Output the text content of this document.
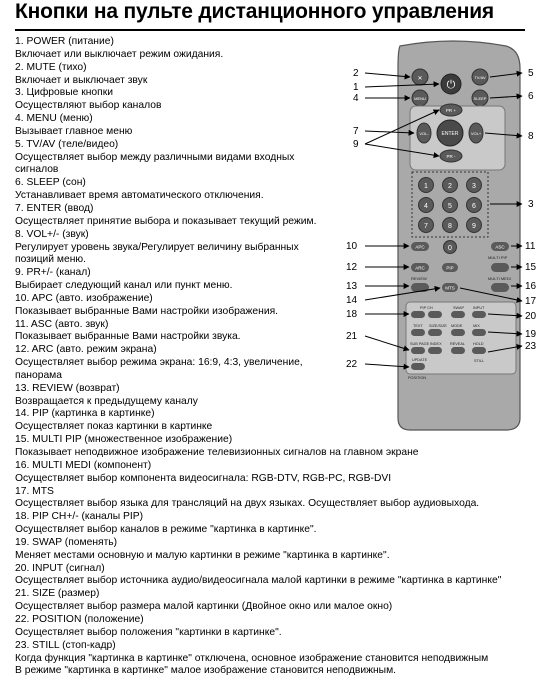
Кнопки на пульте дистанционного управления
1. POWER (питание)
Включает или выключает режим ожидания.
2. MUTE (тихо)
Включает и выключает звук
3. Цифровые кнопки
Осуществляют выбор каналов
4. MENU (меню)
Вызывает главное меню
5. TV/AV (теле/видео)
Осуществляет выбор между различными видами входных
сигналов
6. SLEEP (сон)
Устанавливает время автоматического отключения.
7. ENTER (ввод)
Осуществляет принятие выбора и показывает текущий режим.
8. VOL+/- (звук)
Регулирует уровень звука/Регулирует величину выбранных
позиций меню.
9. PR+/- (канал)
Выбирает следующий канал или пункт меню.
10. APC (авто. изображение)
Показывает выбранные Вами настройки изображения.
11. ASC (авто. звук)
Показывает выбранные Вами настройки звука.
12. ARC (авто. режим экрана)
Осуществляет выбор режима экрана: 16:9, 4:3, увеличение,
панорама
13. REVIEW (возврат)
Возвращается к предыдущему каналу
14. PIP (картинка в картинке)
Осуществляет показ картинки в картинке
15. MULTI PIP (множественное изображение)
Показывает неподвижное изображение телевизионных сигналов на главном экране
16. MULTI MEDI (компонент)
Осуществляет выбор компонента видеосигнала: RGB-DTV, RGB-PC, RGB-DVI
17. MTS
Осуществляет выбор языка для трансляций на двух языках. Осуществляет выбор аудиовыхода.
18. PIP CH+/- (каналы PIP)
Осуществляет выбор каналов в режиме "картинка в картинке".
19. SWAP (поменять)
Меняет местами основную и малую картинки в режиме "картинка в картинке".
20. INPUT (сигнал)
Осуществляет выбор источника аудио/видеосигнала малой картинки в режиме "картинка в картинке"
21. SIZE (размер)
Осуществляет выбор размера малой картинки (Двойное окно или малое окно)
22. POSITION (положение)
Осуществляет выбор положения "картинки в картинке".
23. STILL (стоп-кадр)
Когда функция "картинка в картинке" отключена, основное изображение становится неподвижным
В режиме "картинка в картинке" малое изображение становится неподвижным.
✕ ⏻
TV/AV
MENU	SLEEP
PR +
VOL-	ENTER	VOL+
PR -
1	2	3
4	5	6
7	8	9
APC	0	ASC
MULTI PIP
ARC	PIP
REVIEW	MULTI MEDI
MTS
PIP CH	SWAP INPUT
TEXT SIZE/SIZE MODE	MIX
SUB PAGE INDEX REVEAL HOLD
STILL
UPDATE
POSITION
2
1
4
7
9
10
12
13
14
18
21
22
5
6
8
3
11
15
16
17
20
19
23
